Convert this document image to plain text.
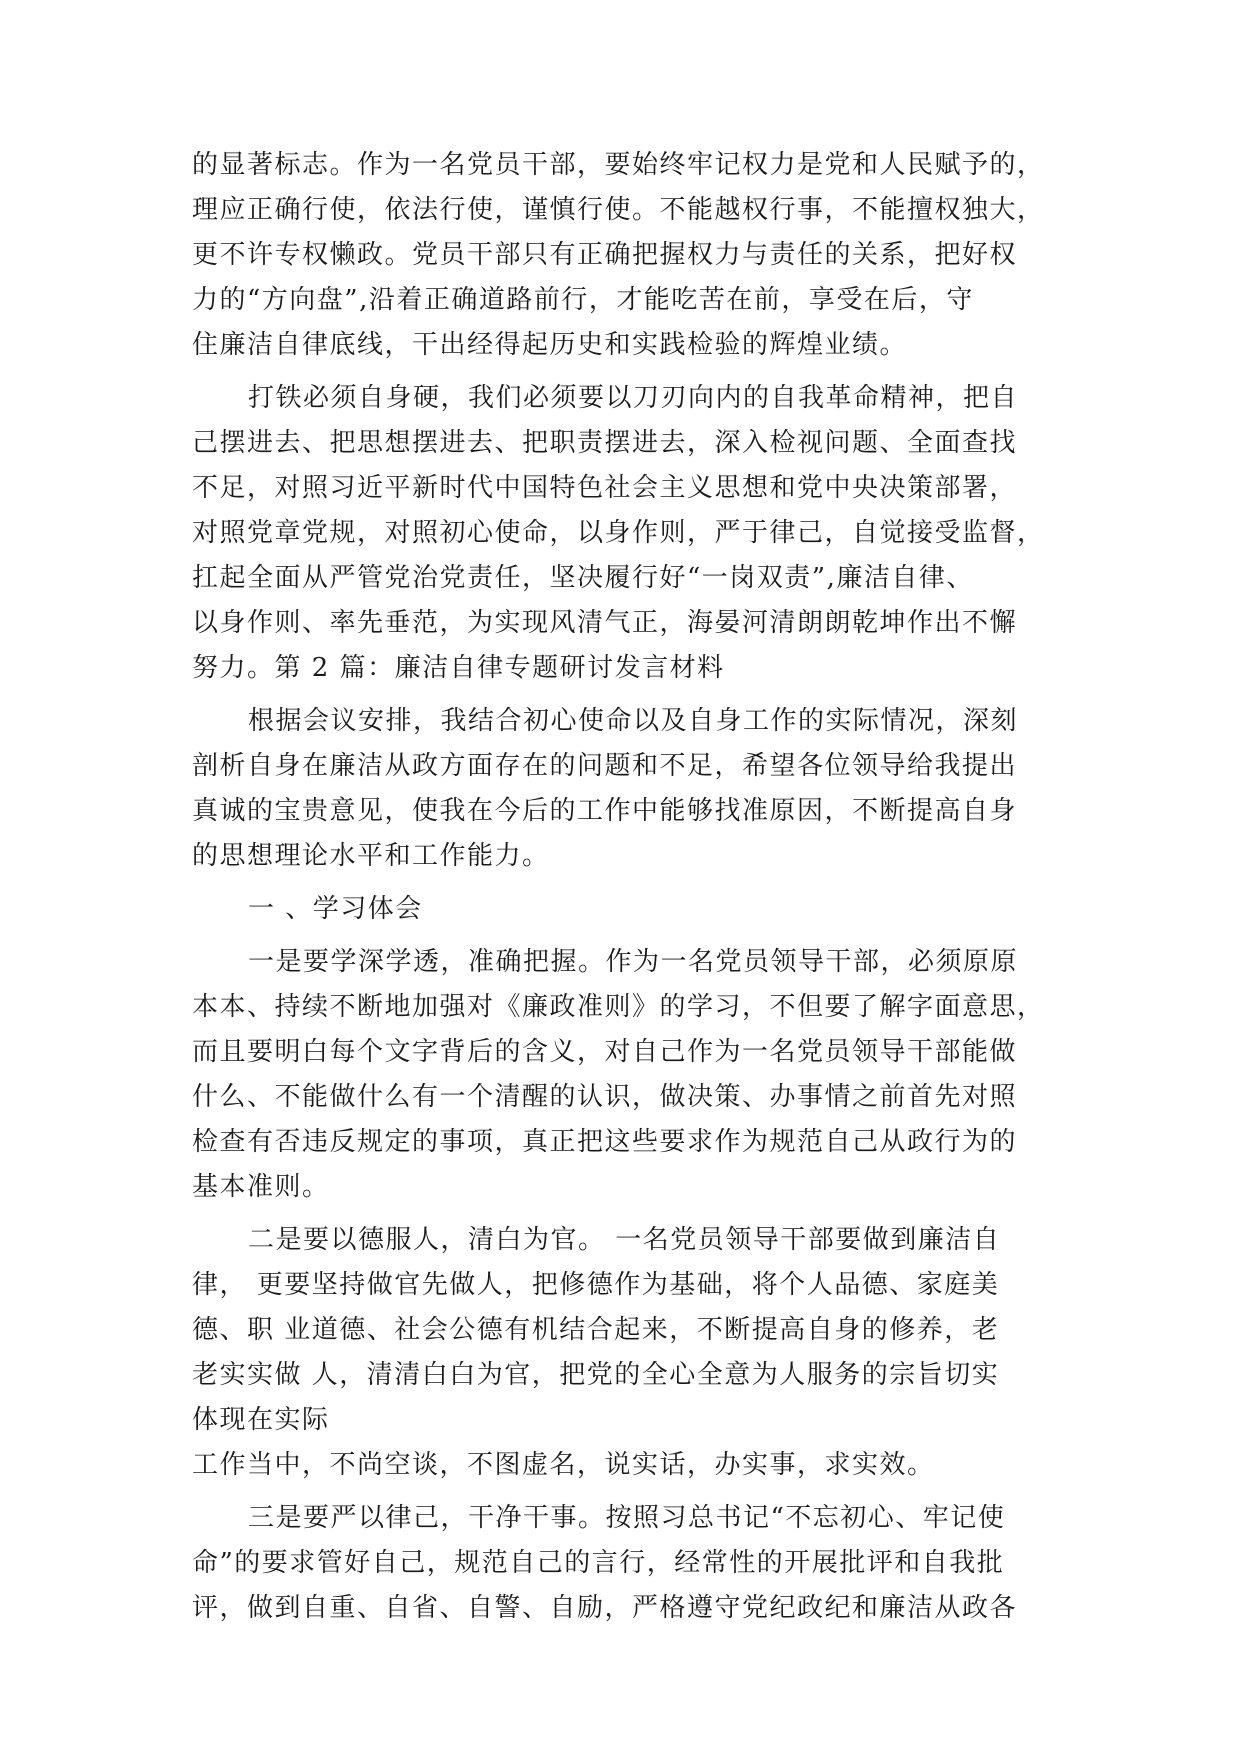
的显著标志。作为一名党员干部，要始终牢记权力是党和人民赋予的，
理应正确行使，依法行使，谨慎行使。不能越权行事，不能擅权独大，
更不许专权懒政。党员干部只有正确把握权力与责任的关系，把好权
力的“方向盘”,沿着正确道路前行，才能吃苦在前，享受在后，守
住廉洁自律底线，干出经得起历史和实践检验的辉煌业绩。
打铁必须自身硬，我们必须要以刀刃向内的自我革命精神，把自
己摆进去、把思想摆进去、把职责摆进去，深入检视问题、全面查找
不足，对照习近平新时代中国特色社会主义思想和党中央决策部署，
对照党章党规，对照初心使命，以身作则，严于律己，自觉接受监督，
扛起全面从严管党治党责任，坚决履行好“一岗双责”,廉洁自律、
以身作则、率先垂范，为实现风清气正，海晏河清朗朗乾坤作出不懈
努力。第 2 篇：廉洁自律专题研讨发言材料
根据会议安排，我结合初心使命以及自身工作的实际情况，深刻
剖析自身在廉洁从政方面存在的问题和不足，希望各位领导给我提出
真诚的宝贵意见，使我在今后的工作中能够找准原因，不断提高自身
的思想理论水平和工作能力。
一 、学习体会
一是要学深学透，准确把握。作为一名党员领导干部，必须原原
本本、持续不断地加强对《廉政准则》的学习，不但要了解字面意思，
而且要明白每个文字背后的含义，对自己作为一名党员领导干部能做
什么、不能做什么有一个清醒的认识，做决策、办事情之前首先对照
检查有否违反规定的事项，真正把这些要求作为规范自己从政行为的
基本准则。
二是要以德服人，清白为官。 一名党员领导干部要做到廉洁自
律， 更要坚持做官先做人，把修德作为基础，将个人品德、家庭美
德、职 业道德、社会公德有机结合起来，不断提高自身的修养，老
老实实做 人，清清白白为官，把党的全心全意为人服务的宗旨切实
体现在实际
工作当中，不尚空谈，不图虚名，说实话，办实事，求实效。
三是要严以律己，干净干事。按照习总书记“不忘初心、牢记使
命”的要求管好自己，规范自己的言行，经常性的开展批评和自我批
评，做到自重、自省、自警、自励，严格遵守党纪政纪和廉洁从政各
